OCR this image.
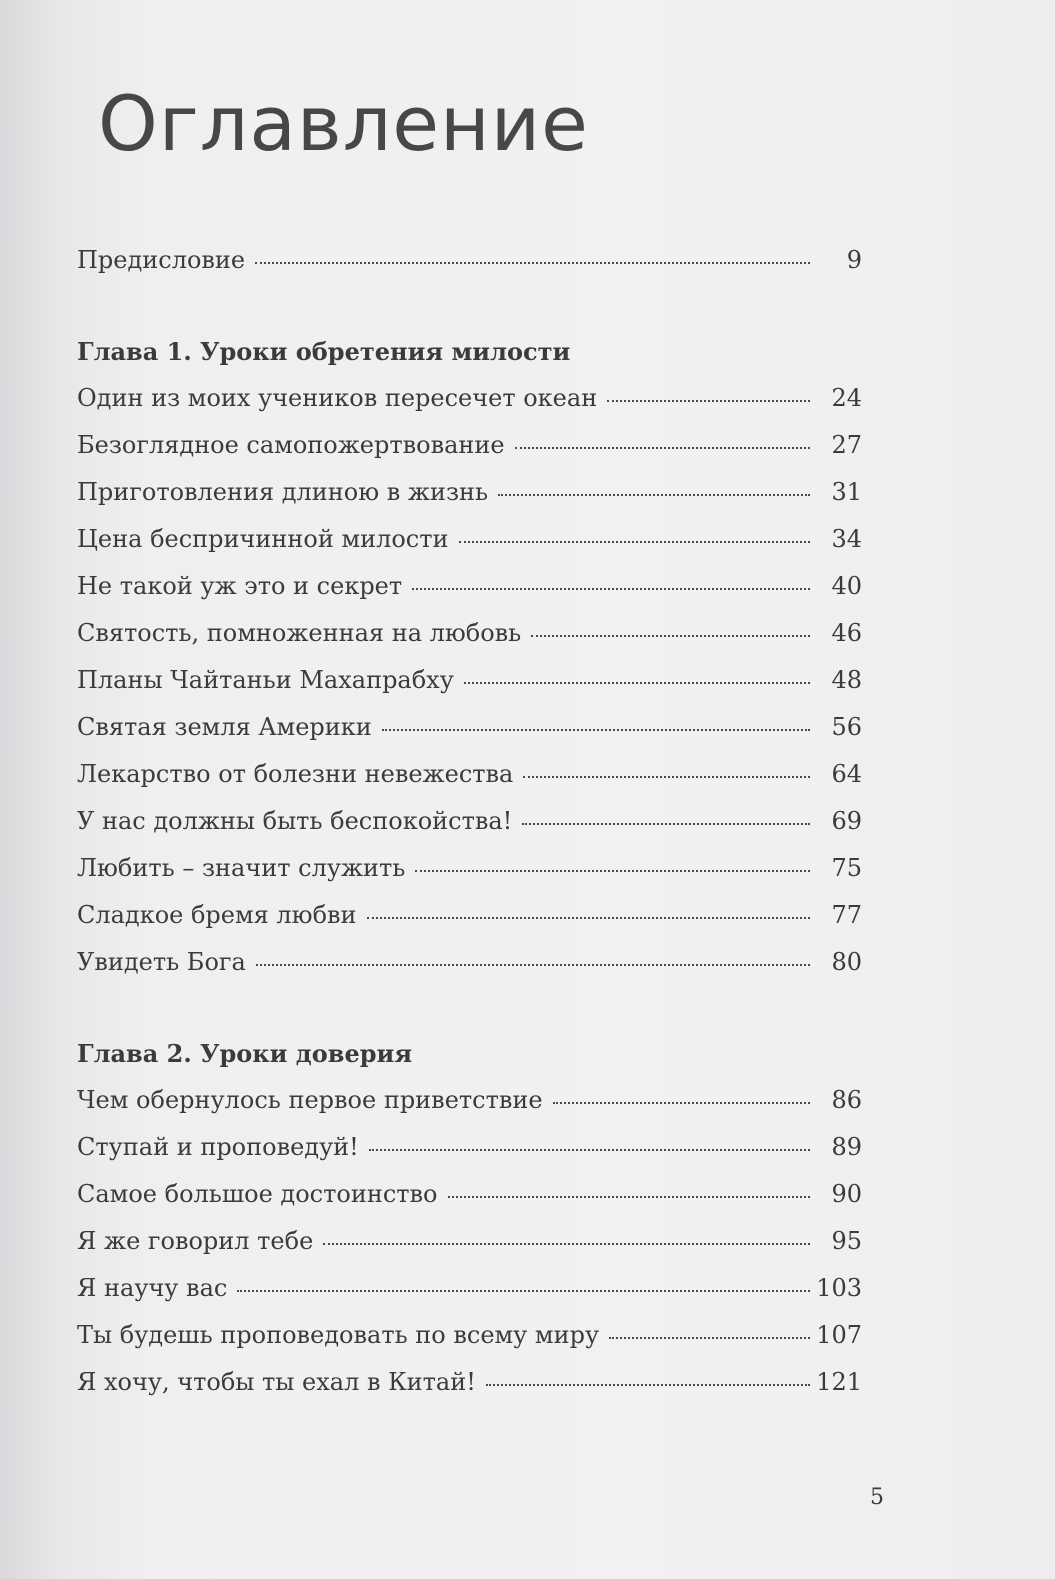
Оглавление
Предисловие	9
Глава 1. Уроки обретения милости
Один из моих учеников пересечет океан	24
Безоглядное самопожертвование	27
Приготовления длиною в жизнь	31
Цена беспричинной милости	34
Не такой уж это и секрет	40
Святость, помноженная на любовь	46
Планы Чайтаньи Махапрабху	48
Святая земля Америки	56
Лекарство от болезни невежества	64
У нас должны быть беспокойства!	69
Любить – значит служить	75
Сладкое бремя любви	77
Увидеть Бога	80
Глава 2. Уроки доверия
Чем обернулось первое приветствие	86
Ступай и проповедуй!	89
Самое большое достоинство	90
Я же говорил тебе	95
Я научу вас	103
Ты будешь проповедовать по всему миру	107
Я хочу, чтобы ты ехал в Китай!	121
5
